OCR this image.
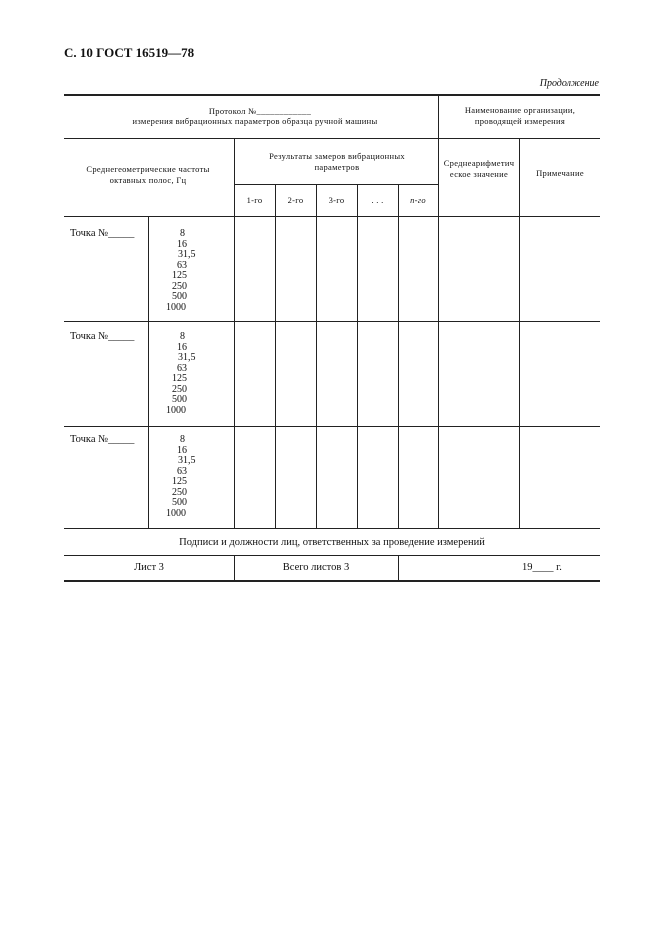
С. 10 ГОСТ 16519—78
Продолжение
Протокол №____________
измерения вибрационных параметров образца ручной машины
Наименование организации, проводящей измерения
Среднегеометрические частоты октавных полос, Гц
Результаты замеров вибрационных параметров	Среднеарифметич еское значение	Примечание
1-го	2-го	3-го	. . .	n-го
Точка №_____	8
16
31,5
63
125
250
500
1000
Точка №_____	8
16
31,5
63
125
250
500
1000
Точка №_____	8
16
31,5
63
125
250
500
1000
Подписи и должности лиц, ответственных за проведение измерений
Лист 3	Всего листов 3	19____ г.
